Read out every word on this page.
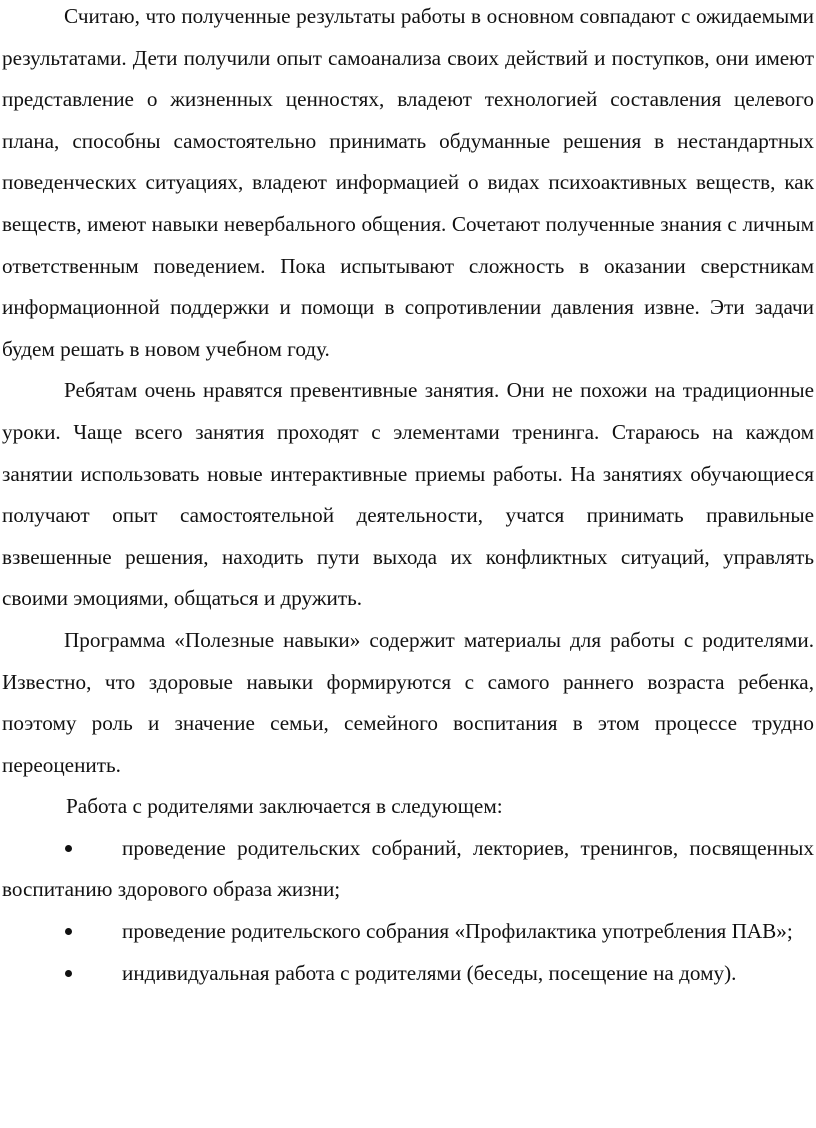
Считаю, что полученные результаты работы в основном совпадают с ожидаемыми результатами. Дети получили опыт самоанализа своих действий и поступков, они имеют представление о жизненных ценностях, владеют технологией составления целевого плана, способны самостоятельно принимать обдуманные решения в нестандартных поведенческих ситуациях, владеют информацией о видах психоактивных веществ, как веществ, имеют навыки невербального общения. Сочетают полученные знания с личным ответственным поведением. Пока испытывают сложность в оказании сверстникам информационной поддержки и помощи в сопротивлении давления извне. Эти задачи будем решать в новом учебном году.

Ребятам очень нравятся превентивные занятия. Они не похожи на традиционные уроки. Чаще всего занятия проходят с элементами тренинга. Стараюсь на каждом занятии использовать новые интерактивные приемы работы. На занятиях обучающиеся получают опыт самостоятельной деятельности, учатся принимать правильные взвешенные решения, находить пути выхода их конфликтных ситуаций, управлять своими эмоциями, общаться и дружить.

Программа «Полезные навыки» содержит материалы для работы с родителями. Известно, что здоровые навыки формируются с самого раннего возраста ребенка, поэтому роль и значение семьи, семейного воспитания в этом процессе трудно переоценить.

Работа с родителями заключается в следующем:

проведение родительских собраний, лекториев, тренингов, посвященных воспитанию здорового образа жизни;
проведение родительского собрания «Профилактика употребления ПАВ»;
индивидуальная работа с родителями (беседы, посещение на дому).
